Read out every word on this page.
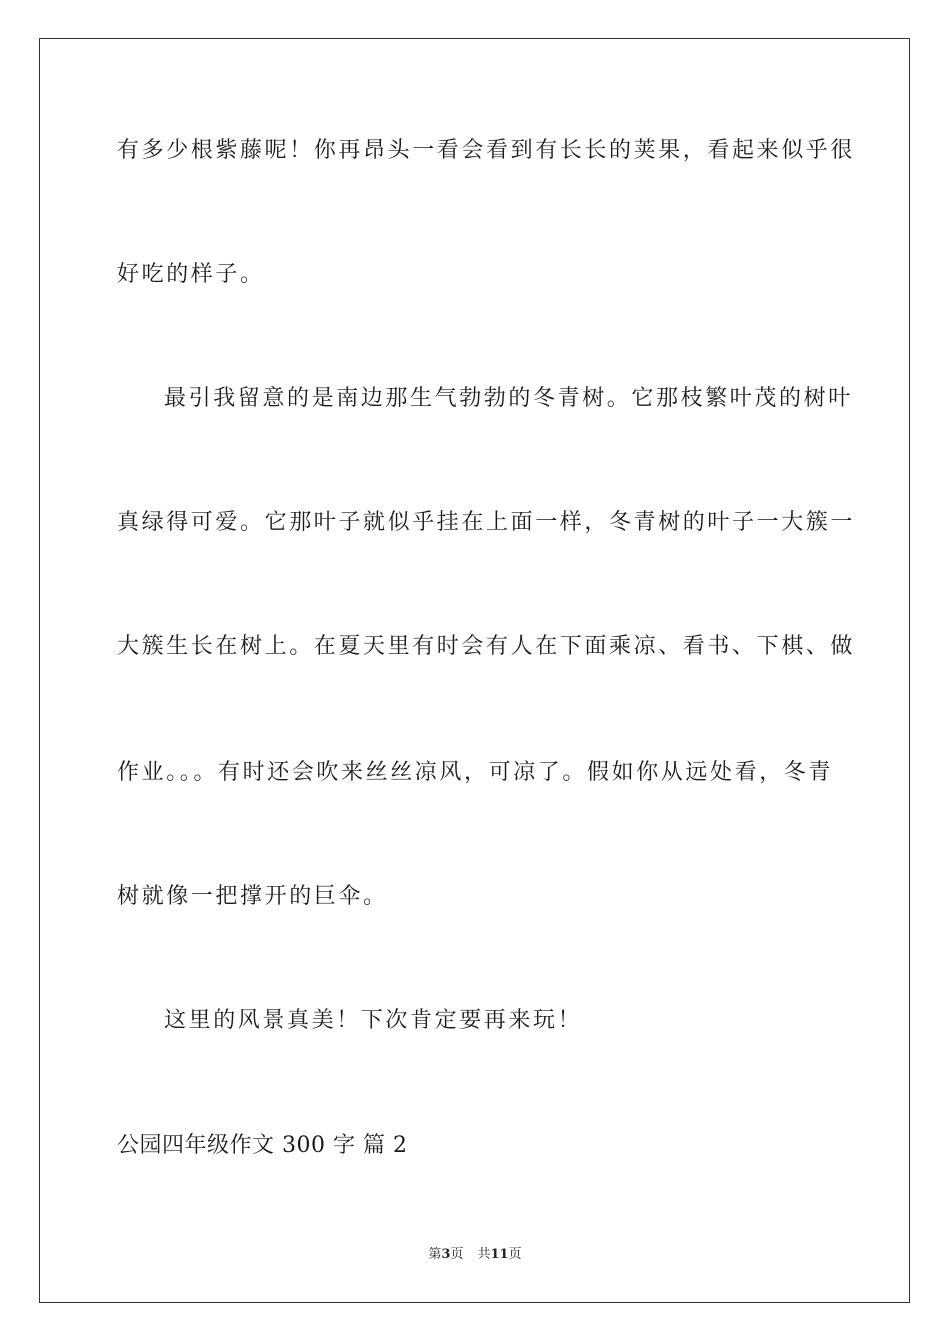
有多少根紫藤呢！你再昂头一看会看到有长长的荚果，看起来似乎很
好吃的样子。
最引我留意的是南边那生气勃勃的冬青树。它那枝繁叶茂的树叶
真绿得可爱。它那叶子就似乎挂在上面一样，冬青树的叶子一大簇一
大簇生长在树上。在夏天里有时会有人在下面乘凉、看书、下棋、做
作业。。。有时还会吹来丝丝凉风，可凉了。假如你从远处看，冬青
树就像一把撑开的巨伞。
这里的风景真美！下次肯定要再来玩！
公园四年级作文 300 字 篇 2
第3页 共11页
